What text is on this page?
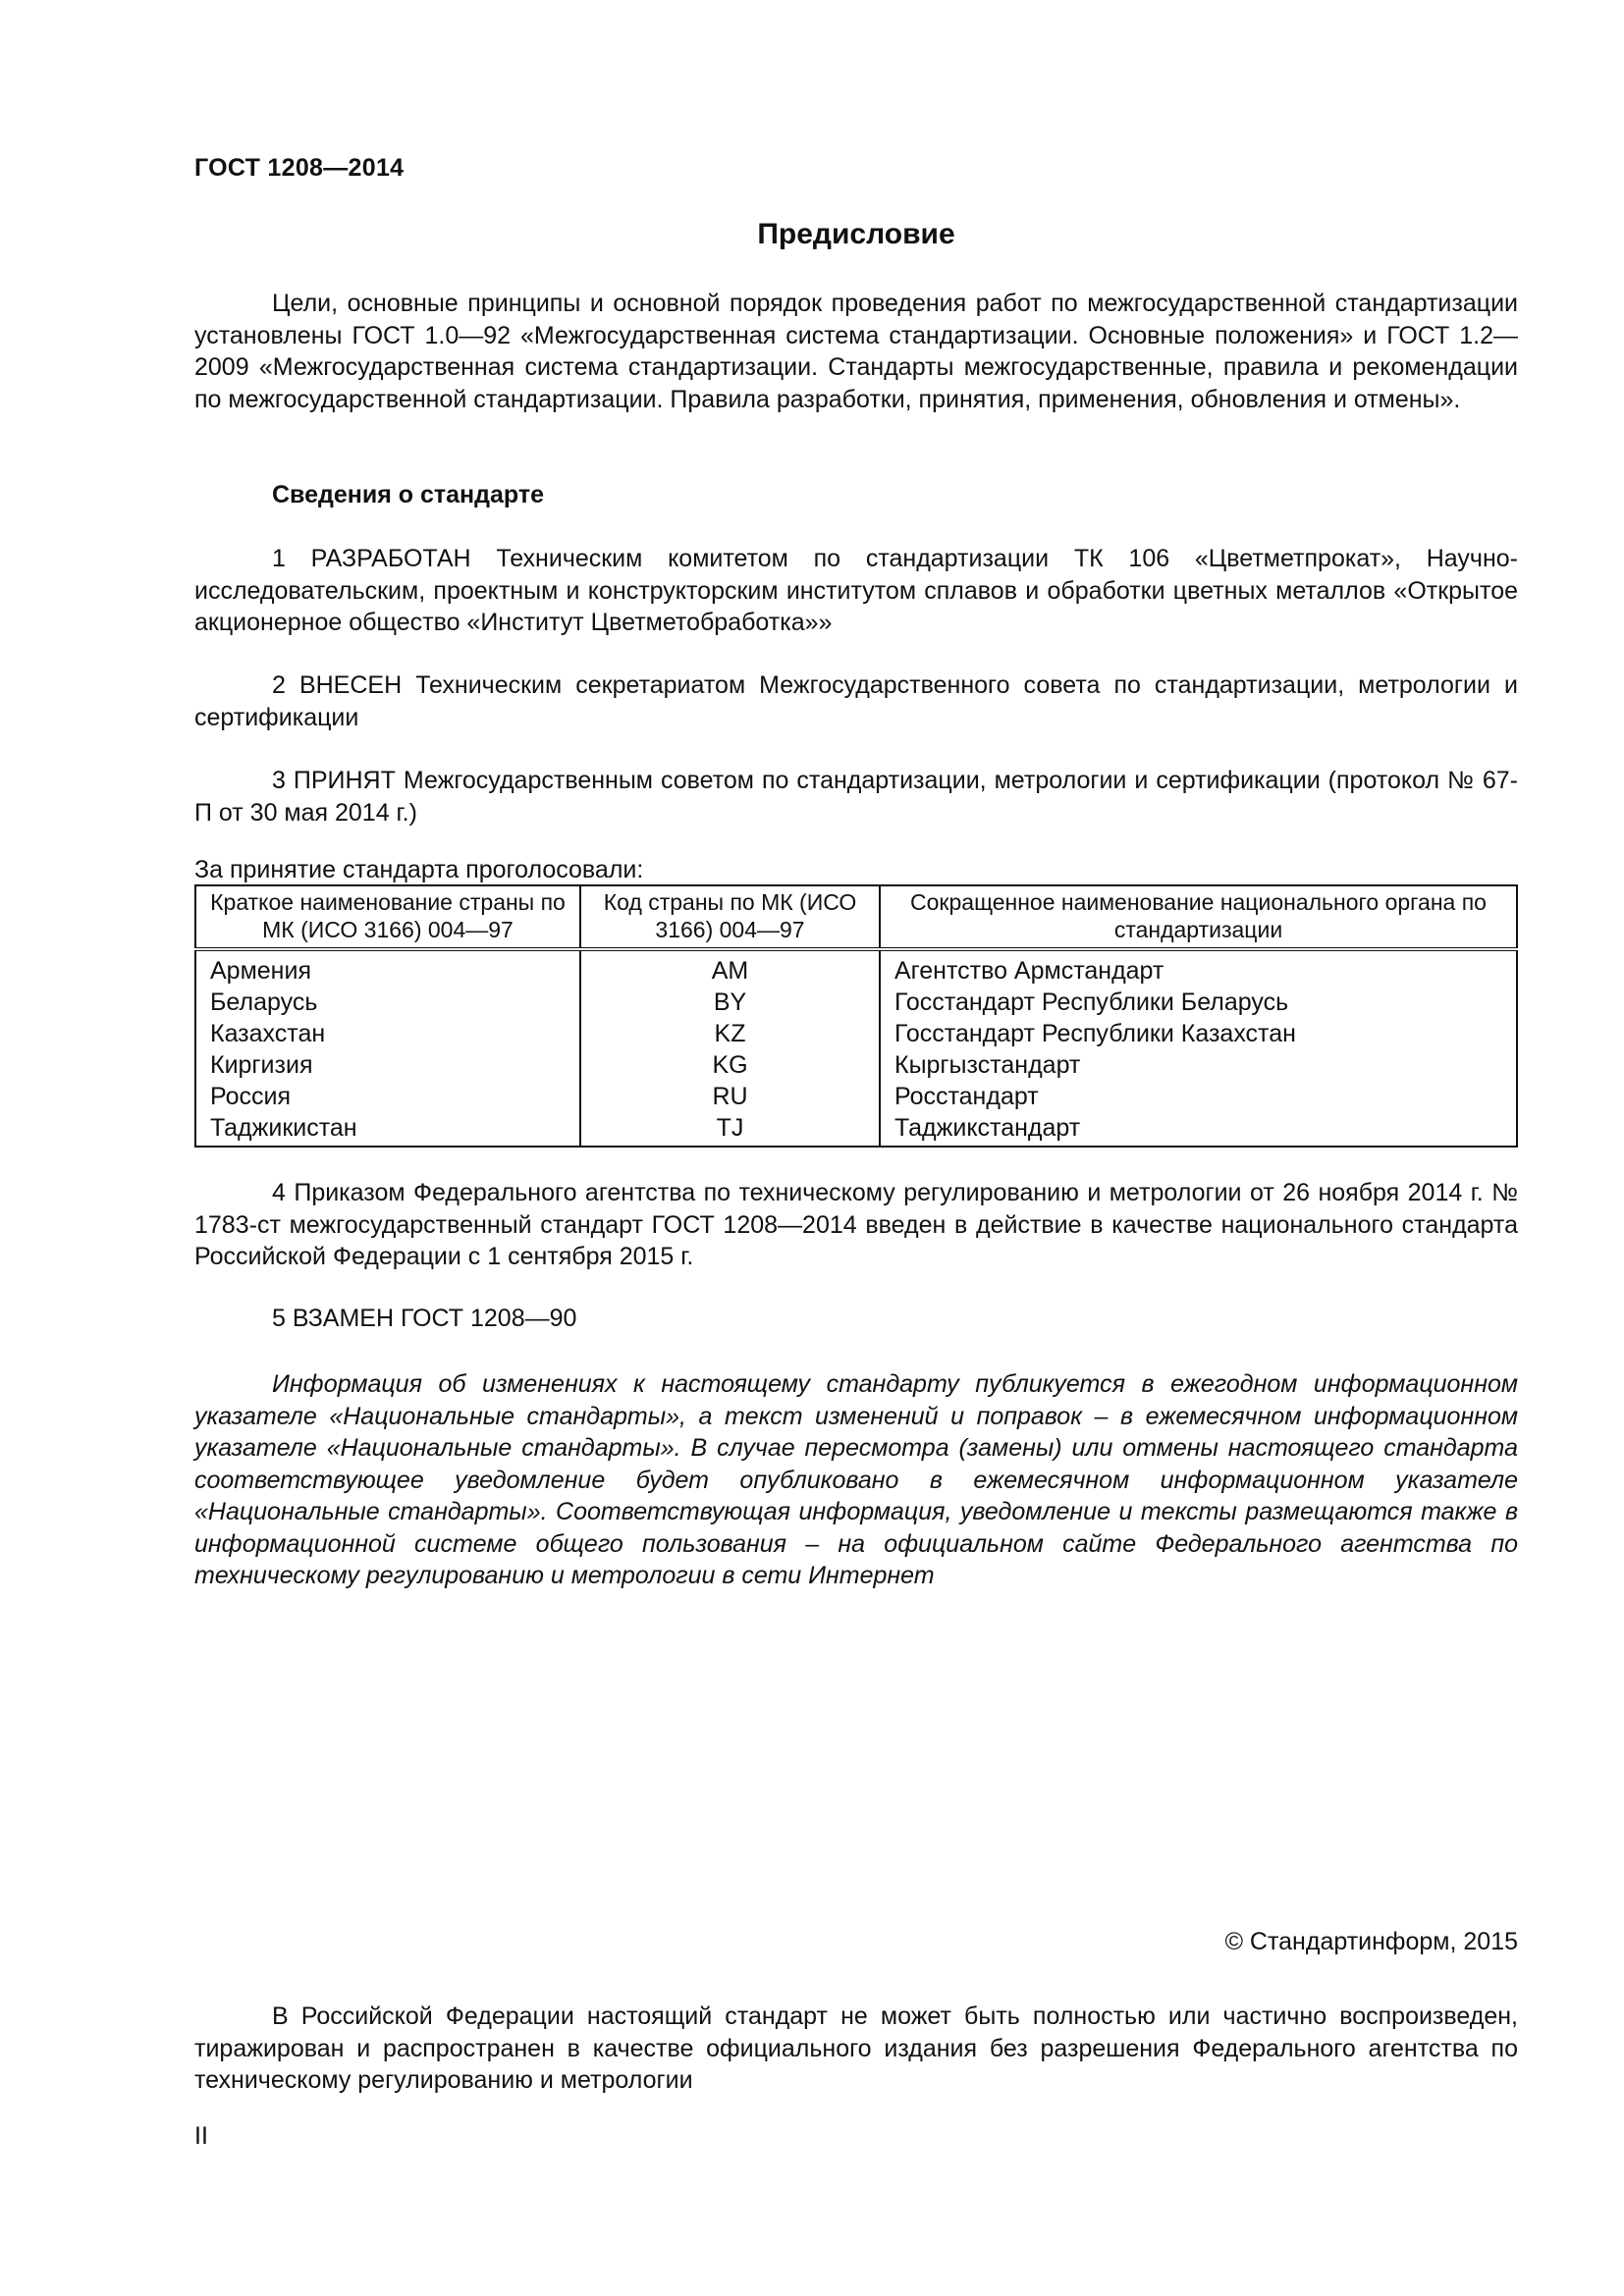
ГОСТ 1208—2014
Предисловие

Цели, основные принципы и основной порядок проведения работ по межгосударственной стандартизации установлены ГОСТ 1.0—92 «Межгосударственная система стандартизации. Основные положения» и ГОСТ 1.2—2009 «Межгосударственная система стандартизации. Стандарты межгосударственные, правила и рекомендации по межгосударственной стандартизации. Правила разработки, принятия, применения, обновления и отмены».

Сведения о стандарте

1 РАЗРАБОТАН Техническим комитетом по стандартизации ТК 106 «Цветметпрокат», Научно-исследовательским, проектным и конструкторским институтом сплавов и обработки цветных металлов «Открытое акционерное общество «Институт Цветметобработка»»

2 ВНЕСЕН Техническим секретариатом Межгосударственного совета по стандартизации, метрологии и сертификации

3 ПРИНЯТ Межгосударственным советом по стандартизации, метрологии и сертификации (протокол № 67-П от 30 мая 2014 г.)

За принятие стандарта проголосовали:
Краткое наименование страны по МК (ИСО 3166) 004—97	Код страны по МК (ИСО 3166) 004—97	Сокращенное наименование национального органа по стандартизации
Армения	AM	Агентство Армстандарт
Беларусь	BY	Госстандарт Республики Беларусь
Казахстан	KZ	Госстандарт Республики Казахстан
Киргизия	KG	Кыргызстандарт
Россия	RU	Росстандарт
Таджикистан	TJ	Таджикстандарт

4 Приказом Федерального агентства по техническому регулированию и метрологии от 26 ноября 2014 г. № 1783-ст межгосударственный стандарт ГОСТ 1208—2014 введен в действие в качестве национального стандарта Российской Федерации с 1 сентября 2015 г.

5 ВЗАМЕН ГОСТ 1208—90

Информация об изменениях к настоящему стандарту публикуется в ежегодном информационном указателе «Национальные стандарты», а текст изменений и поправок – в ежемесячном информационном указателе «Национальные стандарты». В случае пересмотра (замены) или отмены настоящего стандарта соответствующее уведомление будет опубликовано в ежемесячном информационном указателе «Национальные стандарты». Соответствующая информация, уведомление и тексты размещаются также в информационной системе общего пользования – на официальном сайте Федерального агентства по техническому регулированию и метрологии в сети Интернет

© Стандартинформ, 2015

В Российской Федерации настоящий стандарт не может быть полностью или частично воспроизведен, тиражирован и распространен в качестве официального издания без разрешения Федерального агентства по техническому регулированию и метрологии

II
